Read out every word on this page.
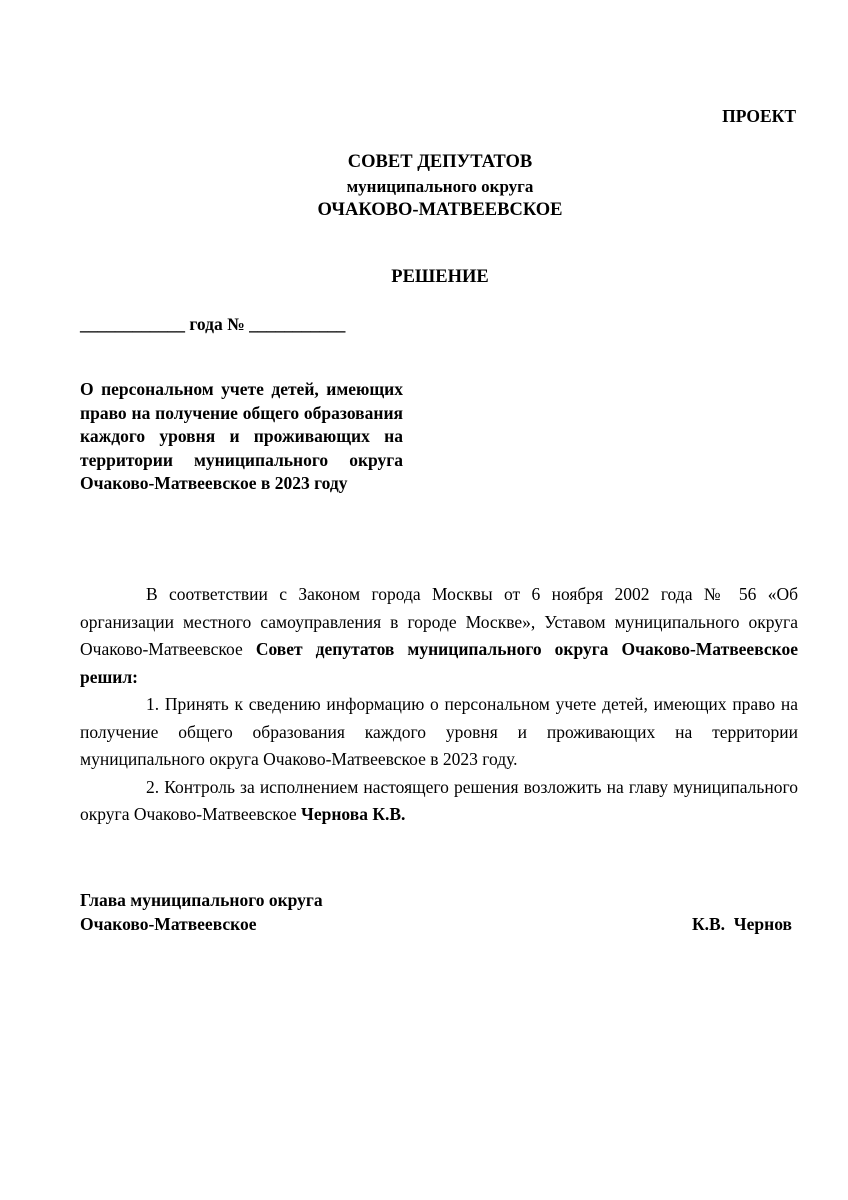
ПРОЕКТ
СОВЕТ ДЕПУТАТОВ
муниципального округа
ОЧАКОВО-МАТВЕЕВСКОЕ
РЕШЕНИЕ
____________ года № ___________
О персональном учете детей, имеющих право на получение общего образования каждого уровня и проживающих на территории муниципального округа Очаково-Матвеевское в 2023 году

В соответствии с Законом города Москвы от 6 ноября 2002 года № 56 «Об организации местного самоуправления в городе Москве», Уставом муниципального округа Очаково-Матвеевское Совет депутатов муниципального округа Очаково-Матвеевское решил:

1. Принять к сведению информацию о персональном учете детей, имеющих право на получение общего образования каждого уровня и проживающих на территории муниципального округа Очаково-Матвеевское в 2023 году.

2. Контроль за исполнением настоящего решения возложить на главу муниципального округа Очаково-Матвеевское Чернова К.В.

Глава муниципального округа
Очаково-Матвеевское	К.В.  Чернов
